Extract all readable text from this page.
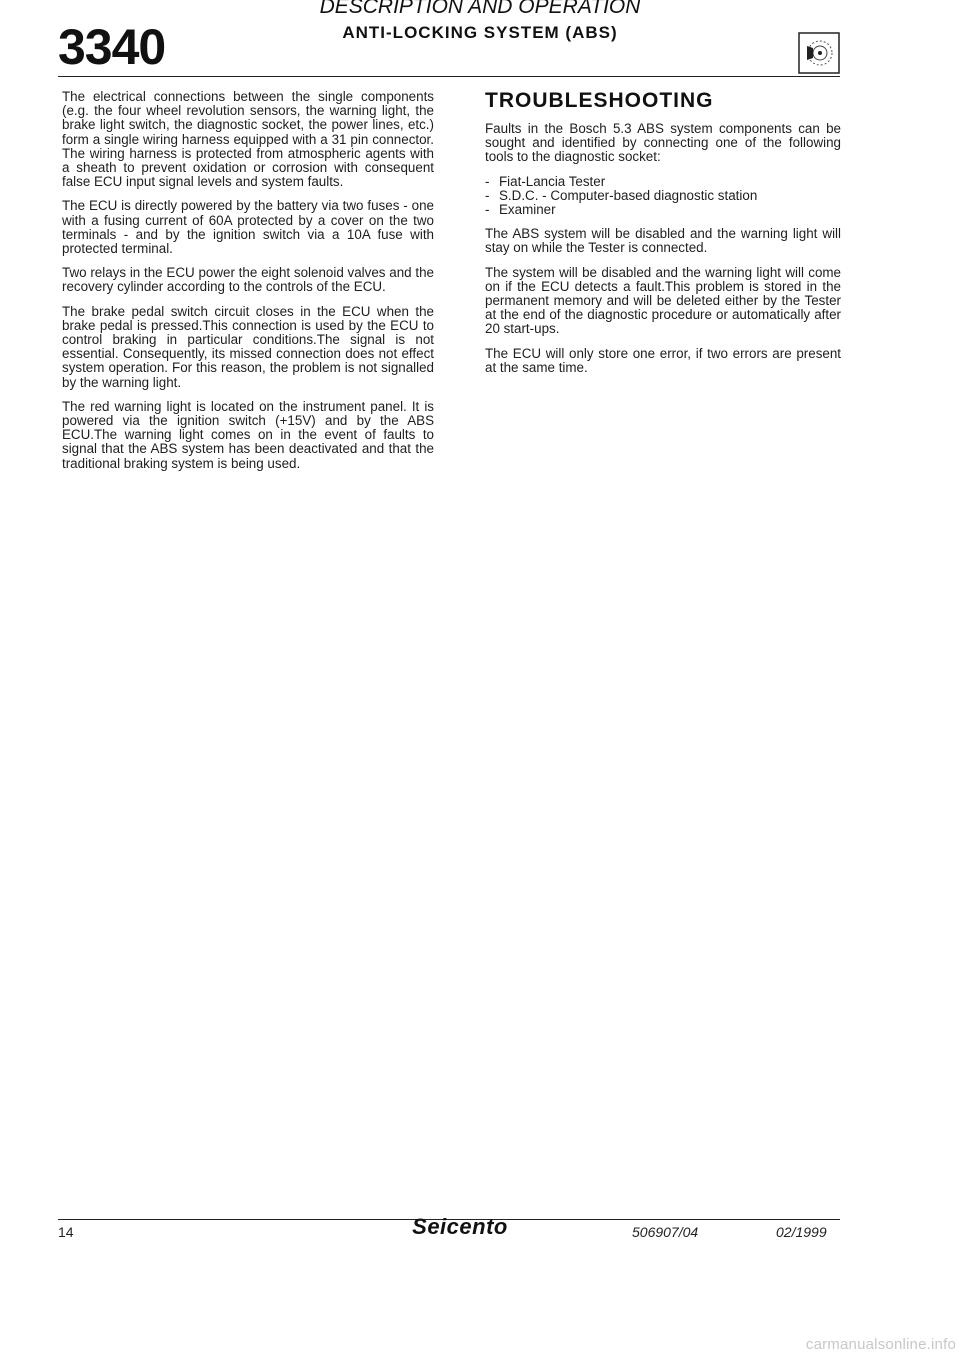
3340
DESCRIPTION AND OPERATION
ANTI-LOCKING SYSTEM (ABS)

The electrical connections between the single components (e.g. the four wheel revolution sensors, the warning light, the brake light switch, the diagnostic socket, the power lines, etc.) form a single wiring harness equipped with a 31 pin connector. The wiring harness is protected from atmospheric agents with a sheath to prevent oxidation or corrosion with consequent false ECU input signal levels and system faults.

The ECU is directly powered by the battery via two fuses - one with a fusing current of 60A protected by a cover on the two terminals - and by the ignition switch via a 10A fuse with protected terminal.

Two relays in the ECU power the eight solenoid valves and the recovery cylinder according to the controls of the ECU.

The brake pedal switch circuit closes in the ECU when the brake pedal is pressed.This connection is used by the ECU to control braking in particular conditions.The signal is not essential. Consequently, its missed connection does not effect system operation. For this reason, the problem is not signalled by the warning light.

The red warning light is located on the instrument panel. It is powered via the ignition switch (+15V) and by the ABS ECU.The warning light comes on in the event of faults to signal that the ABS system has been deactivated and that the traditional braking system is being used.

TROUBLESHOOTING

Faults in the Bosch 5.3 ABS system components can be sought and identified by connecting one of the following tools to the diagnostic socket:

- Fiat-Lancia Tester
- S.D.C. - Computer-based diagnostic station
- Examiner

The ABS system will be disabled and the warning light will stay on while the Tester is connected.

The system will be disabled and the warning light will come on if the ECU detects a fault.This problem is stored in the permanent memory and will be deleted either by the Tester at the end of the diagnostic procedure or automatically after 20 start-ups.

The ECU will only store one error, if two errors are present at the same time.

14	Seicento	506907/04	02/1999
carmanualsonline.info
